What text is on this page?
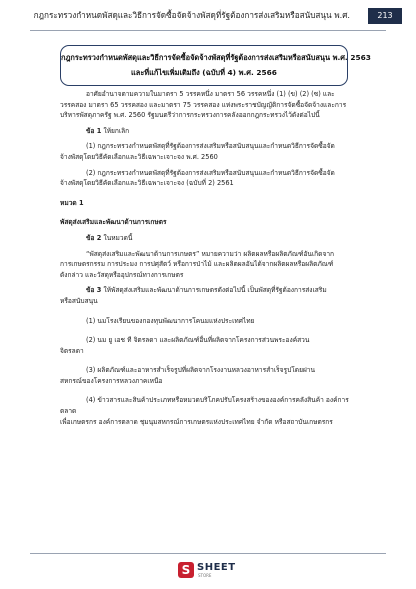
กฎกระทรวงกำหนดพัสดุและวิธีการจัดซื้อจัดจ้างพัสดุที่รัฐต้องการส่งเสริมหรือสนับสนุน พ.ศ.	213
กฎกระทรวงกำหนดพัสดุและวิธีการจัดซื้อจัดจ้างพัสดุที่รัฐต้องการส่งเสริมหรือสนับสนุน พ.ศ. 2563
และที่แก้ไขเพิ่มเติมถึง (ฉบับที่ 4) พ.ศ. 2566

อาศัยอำนาจตามความในมาตรา 5 วรรคหนึ่ง มาตรา 56 วรรคหนึ่ง (1) (ข) (2) (ซ) และ

วรรคสอง มาตรา 65 วรรคสอง และมาตรา 75 วรรคสอง แห่งพระราชบัญญัติการจัดซื้อจัดจ้างและการ

บริหารพัสดุภาครัฐ พ.ศ. 2560 รัฐมนตรีว่าการกระทรวงการคลังออกกฎกระทรวงไว้ดังต่อไปนี้

ข้อ 1 ให้ยกเลิก

(1) กฎกระทรวงกำหนดพัสดุที่รัฐต้องการส่งเสริมหรือสนับสนุนและกำหนดวิธีการจัดซื้อจัด

จ้างพัสดุโดยวิธีคัดเลือกและวิธีเฉพาะเจาะจง พ.ศ. 2560

(2) กฎกระทรวงกำหนดพัสดุที่รัฐต้องการส่งเสริมหรือสนับสนุนและกำหนดวิธีการจัดซื้อจัด

จ้างพัสดุโดยวิธีคัดเลือกและวิธีเฉพาะเจาะจง (ฉบับที่ 2) 2561

หมวด 1

พัสดุส่งเสริมและพัฒนาด้านการเกษตร

ข้อ 2 ในหมวดนี้

“พัสดุส่งเสริมและพัฒนาด้านการเกษตร” หมายความว่า ผลิตผลหรือผลิตภัณฑ์อันเกิดจาก

การเกษตรกรรม การประมง การปศุสัตว์ หรือการป่าไม้ และผลิตผลอันได้จากผลิตผลหรือผลิตภัณฑ์

ดังกล่าว และวัสดุหรืออุปกรณ์ทางการเกษตร

ข้อ 3 ให้พัสดุส่งเสริมและพัฒนาด้านการเกษตรดังต่อไปนี้ เป็นพัสดุที่รัฐต้องการส่งเสริม

หรือสนับสนุน

(1) นมโรงเรียนของกองทุนพัฒนาการโคนมแห่งประเทศไทย

(2) นม ยู เอช ที จิตรลดา และผลิตภัณฑ์อื่นที่ผลิตจากโครงการส่วนพระองค์สวน

จิตรลดา

(3) ผลิตภัณฑ์และอาหารสำเร็จรูปที่ผลิตจากโรงงานหลวงอาหารสำเร็จรูปโดยผ่าน

สหกรณ์ของโครงการหลวงภาคเหนือ

(4) ข้าวสารและสินค้าประเภทหรือหมวดบริโภคปรับโครงสร้างขององค์การคลังสินค้า องค์การตลาด

เพื่อเกษตรกร องค์การตลาด ชุมนุมสหกรณ์การเกษตรแห่งประเทศไทย จำกัด หรือสถาบันเกษตรกร

S SHEET
STORE
